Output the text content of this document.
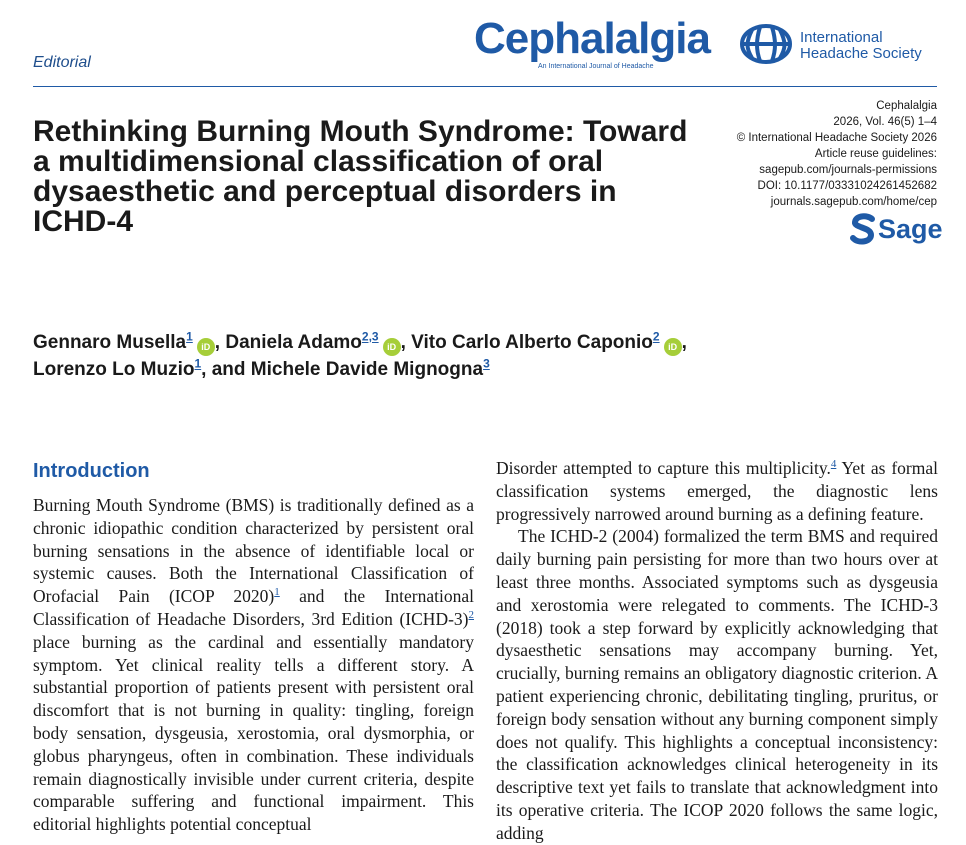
Editorial	Cephalalgia
An International Journal of Headache
International
Headache Society
Cephalalgia
2026, Vol. 46(5) 1–4
© International Headache Society 2026
Article reuse guidelines:
sagepub.com/journals-permissions
DOI: 10.1177/03331024261452682
journals.sagepub.com/home/cep
Sage
Rethinking Burning Mouth Syndrome: Toward a multidimensional classification of oral dysaesthetic and perceptual disorders in ICHD-4
Gennaro Musella$^1$iD , Daniela Adamo$^{2,3}$iD , Vito Carlo Alberto Caponio$^2$iD ,
Lorenzo Lo Muzio$^1$, and Michele Davide Mignogna$^3$
Introduction

Burning Mouth Syndrome (BMS) is traditionally defined as a chronic idiopathic condition characterized by persistent oral burning sensations in the absence of identifiable local or systemic causes. Both the International Classification of Orofacial Pain (ICOP 2020)$^1$ and the International Classification of Headache Disorders, 3rd Edition (ICHD-3)$^2$ place burning as the cardinal and essentially mandatory symptom. Yet clinical reality tells a different story. A substantial proportion of patients present with persistent oral discomfort that is not burning in quality: tingling, foreign body sensation, dysgeusia, xerostomia, oral dysmorphia, or globus pharyngeus, often in combination. These individuals remain diagnostically invisible under current criteria, despite comparable suffering and functional impairment. This editorial highlights potential conceptual

Disorder attempted to capture this multiplicity.$^4$ Yet as formal classification systems emerged, the diagnostic lens progressively narrowed around burning as a defining feature.

The ICHD-2 (2004) formalized the term BMS and required daily burning pain persisting for more than two hours over at least three months. Associated symptoms such as dysgeusia and xerostomia were relegated to comments. The ICHD-3 (2018) took a step forward by explicitly acknowledging that dysaesthetic sensations may accompany burning. Yet, crucially, burning remains an obligatory diagnostic criterion. A patient experiencing chronic, debilitating tingling, pruritus, or foreign body sensation without any burning component simply does not qualify. This highlights a conceptual inconsistency: the classification acknowledges clinical heterogeneity in its descriptive text yet fails to translate that acknowledgment into its operative criteria. The ICOP 2020 follows the same logic, adding
